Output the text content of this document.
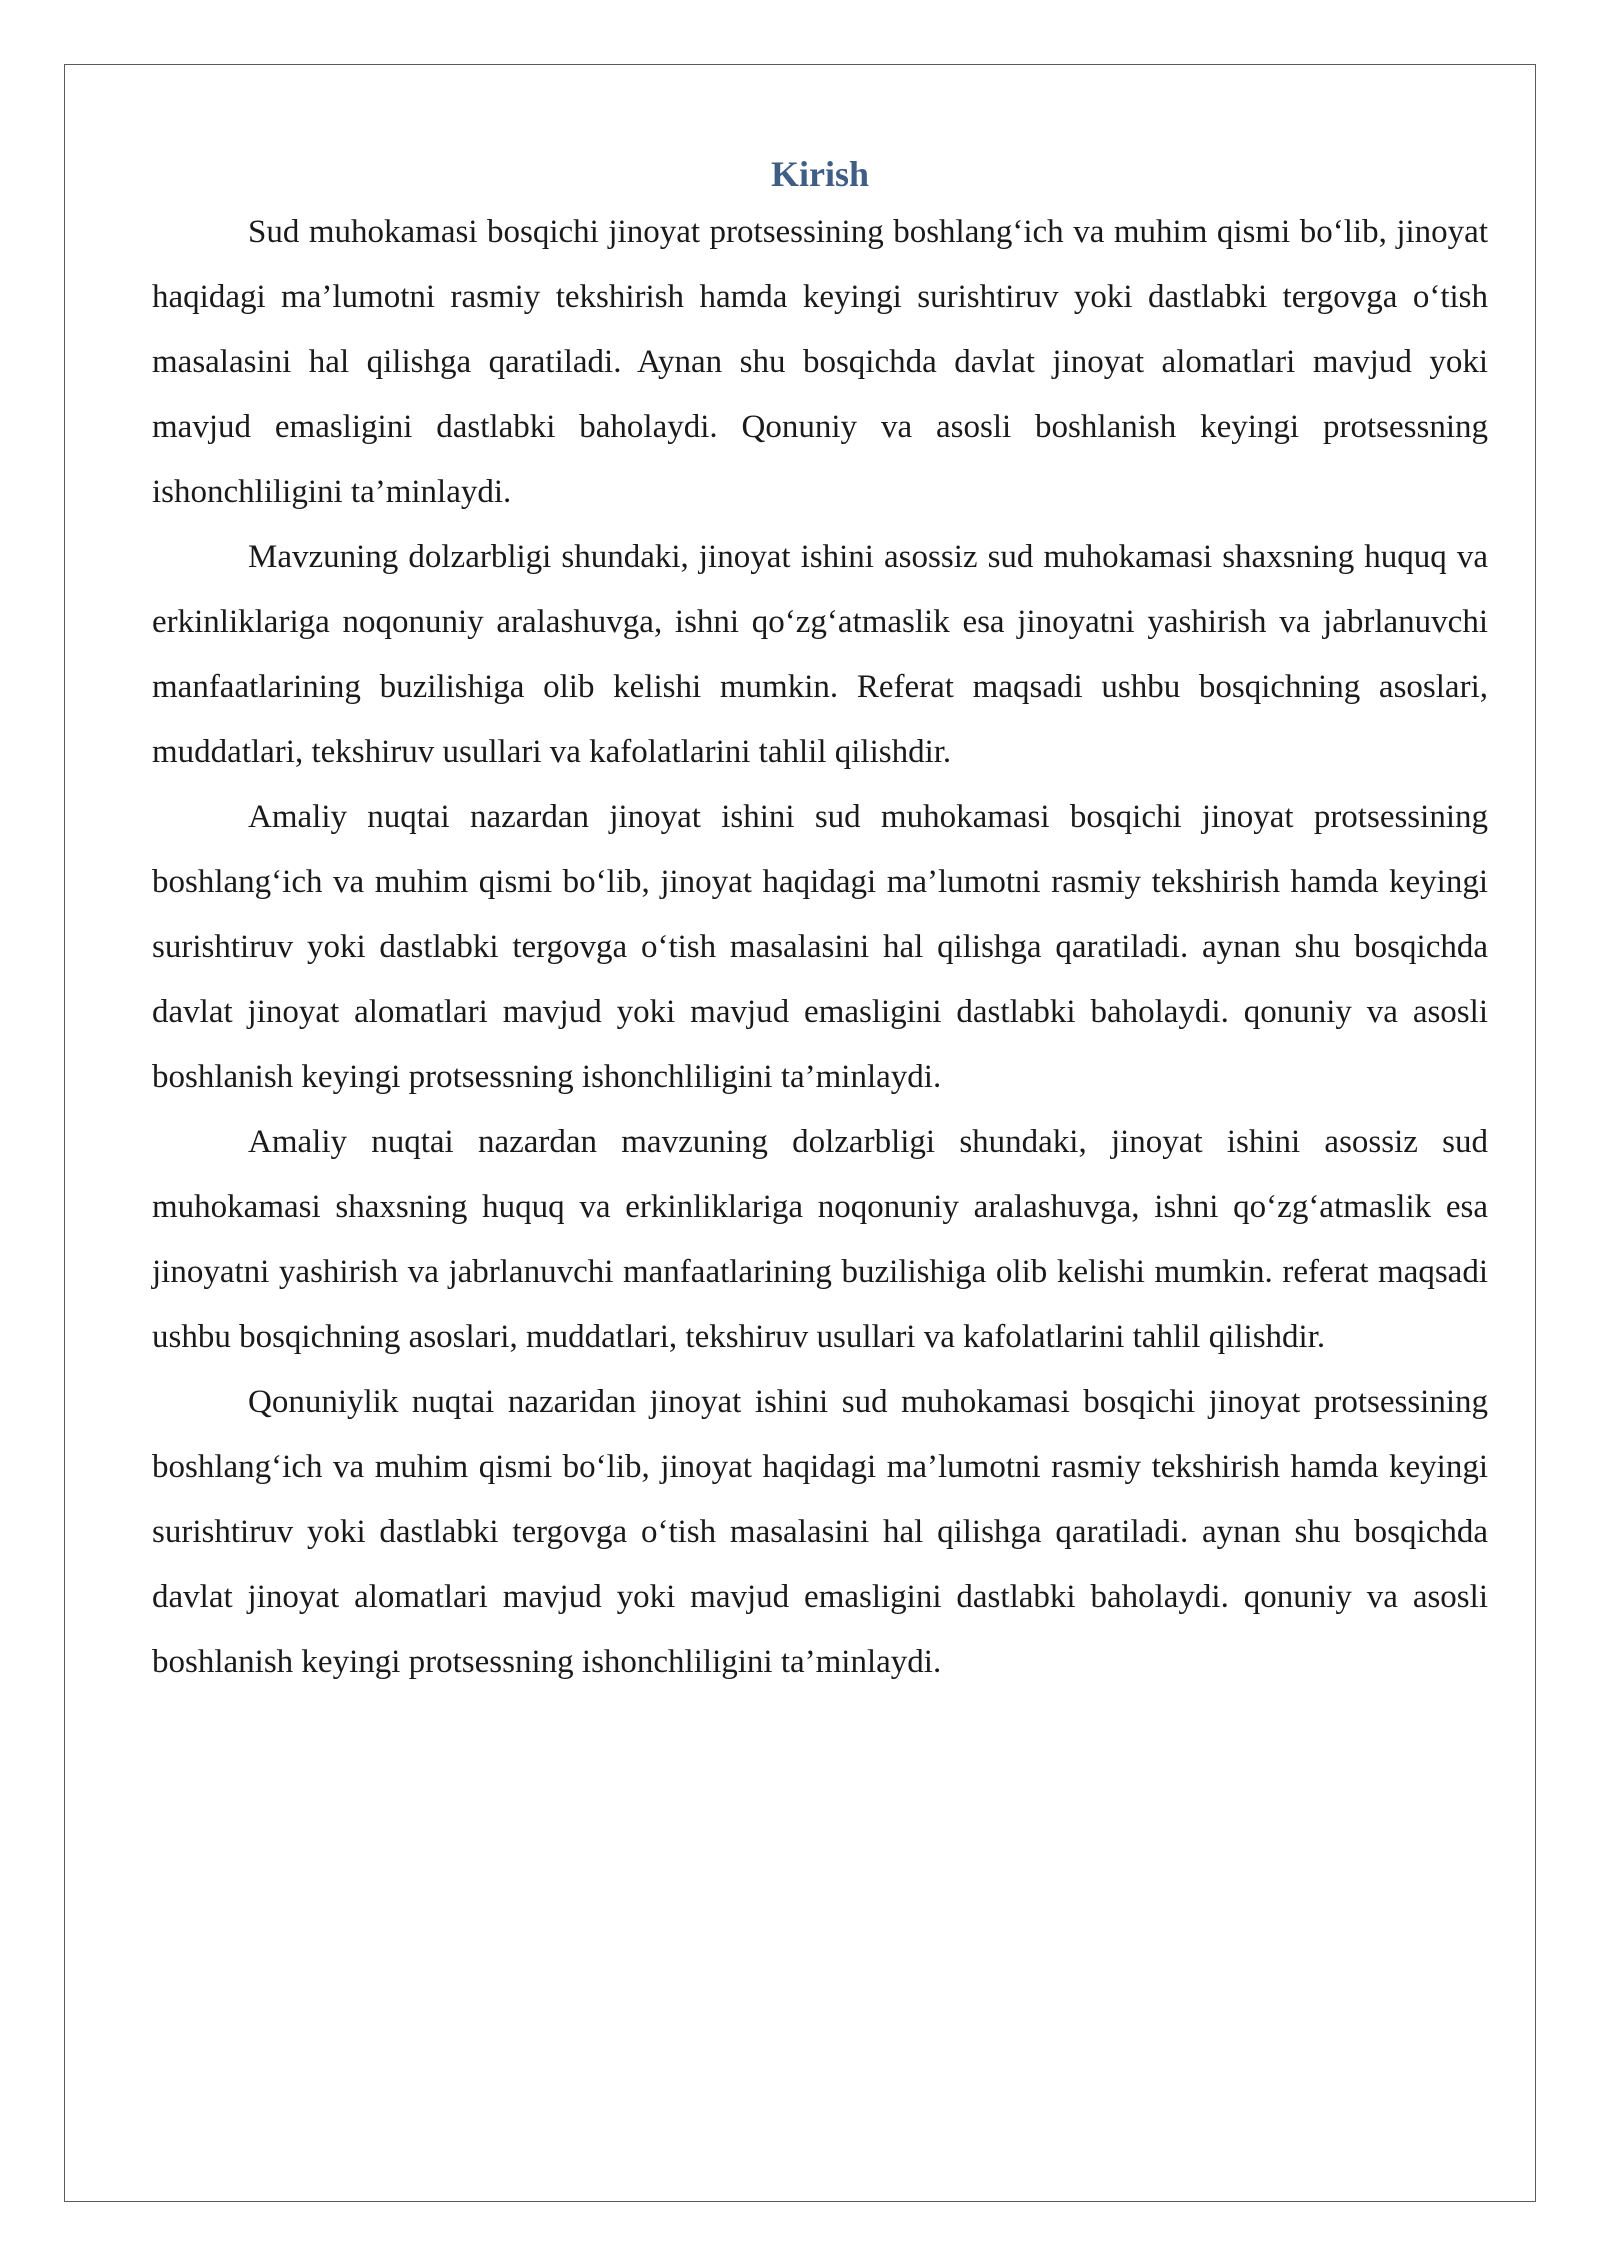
Kirish

Sud muhokamasi bosqichi jinoyat protsessining boshlang‘ich va muhim qismi bo‘lib, jinoyat haqidagi ma’lumotni rasmiy tekshirish hamda keyingi surishtiruv yoki dastlabki tergovga o‘tish masalasini hal qilishga qaratiladi. Aynan shu bosqichda davlat jinoyat alomatlari mavjud yoki mavjud emasligini dastlabki baholaydi. Qonuniy va asosli boshlanish keyingi protsessning ishonchliligini ta’minlaydi.

Mavzuning dolzarbligi shundaki, jinoyat ishini asossiz sud muhokamasi shaxsning huquq va erkinliklariga noqonuniy aralashuvga, ishni qo‘zg‘atmaslik esa jinoyatni yashirish va jabrlanuvchi manfaatlarining buzilishiga olib kelishi mumkin. Referat maqsadi ushbu bosqichning asoslari, muddatlari, tekshiruv usullari va kafolatlarini tahlil qilishdir.

Amaliy nuqtai nazardan jinoyat ishini sud muhokamasi bosqichi jinoyat protsessining boshlang‘ich va muhim qismi bo‘lib, jinoyat haqidagi ma’lumotni rasmiy tekshirish hamda keyingi surishtiruv yoki dastlabki tergovga o‘tish masalasini hal qilishga qaratiladi. aynan shu bosqichda davlat jinoyat alomatlari mavjud yoki mavjud emasligini dastlabki baholaydi. qonuniy va asosli boshlanish keyingi protsessning ishonchliligini ta’minlaydi.

Amaliy nuqtai nazardan mavzuning dolzarbligi shundaki, jinoyat ishini asossiz sud muhokamasi shaxsning huquq va erkinliklariga noqonuniy aralashuvga, ishni qo‘zg‘atmaslik esa jinoyatni yashirish va jabrlanuvchi manfaatlarining buzilishiga olib kelishi mumkin. referat maqsadi ushbu bosqichning asoslari, muddatlari, tekshiruv usullari va kafolatlarini tahlil qilishdir.

Qonuniylik nuqtai nazaridan jinoyat ishini sud muhokamasi bosqichi jinoyat protsessining boshlang‘ich va muhim qismi bo‘lib, jinoyat haqidagi ma’lumotni rasmiy tekshirish hamda keyingi surishtiruv yoki dastlabki tergovga o‘tish masalasini hal qilishga qaratiladi. aynan shu bosqichda davlat jinoyat alomatlari mavjud yoki mavjud emasligini dastlabki baholaydi. qonuniy va asosli boshlanish keyingi protsessning ishonchliligini ta’minlaydi.
